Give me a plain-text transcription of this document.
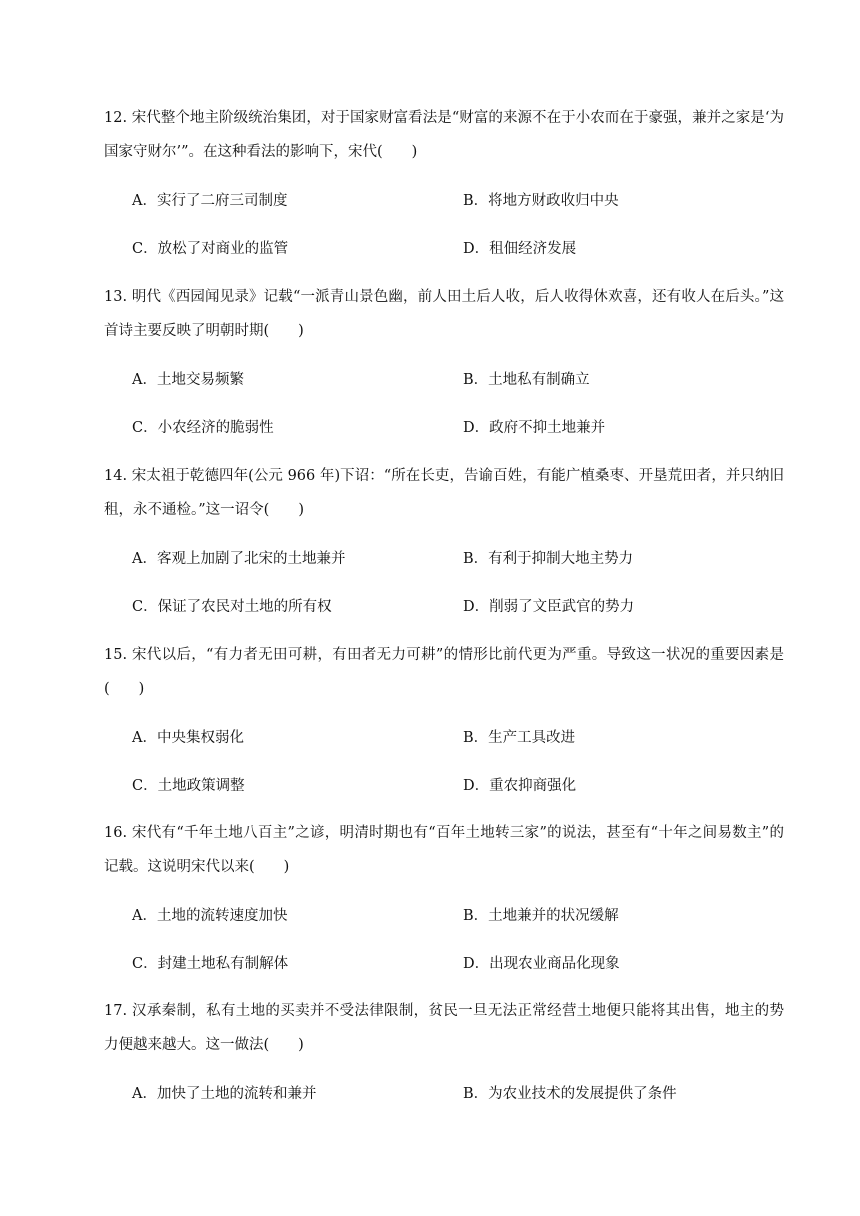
12. 宋代整个地主阶级统治集团，对于国家财富看法是“财富的来源不在于小农而在于豪强，兼并之家是‘为国家守财尔’”。在这种看法的影响下，宋代(　　)
A．实行了二府三司制度	B．将地方财政收归中央
C．放松了对商业的监管	D．租佃经济发展
13. 明代《西园闻见录》记载“一派青山景色幽，前人田土后人收，后人收得休欢喜，还有收人在后头。”这首诗主要反映了明朝时期(　　)
A．土地交易频繁	B．土地私有制确立
C．小农经济的脆弱性	D．政府不抑土地兼并
14. 宋太祖于乾德四年(公元 966 年)下诏：“所在长吏，告谕百姓，有能广植桑枣、开垦荒田者，并只纳旧租，永不通检。”这一诏令(　　)
A．客观上加剧了北宋的土地兼并	B．有利于抑制大地主势力
C．保证了农民对土地的所有权	D．削弱了文臣武官的势力
15. 宋代以后，“有力者无田可耕，有田者无力可耕”的情形比前代更为严重。导致这一状况的重要因素是(　　)
A．中央集权弱化	B．生产工具改进
C．土地政策调整	D．重农抑商强化
16. 宋代有“千年土地八百主”之谚，明清时期也有“百年土地转三家”的说法，甚至有“十年之间易数主”的记载。这说明宋代以来(　　)
A．土地的流转速度加快	B．土地兼并的状况缓解
C．封建土地私有制解体	D．出现农业商品化现象
17. 汉承秦制，私有土地的买卖并不受法律限制，贫民一旦无法正常经营土地便只能将其出售，地主的势力便越来越大。这一做法(　　)
A．加快了土地的流转和兼并	B．为农业技术的发展提供了条件
